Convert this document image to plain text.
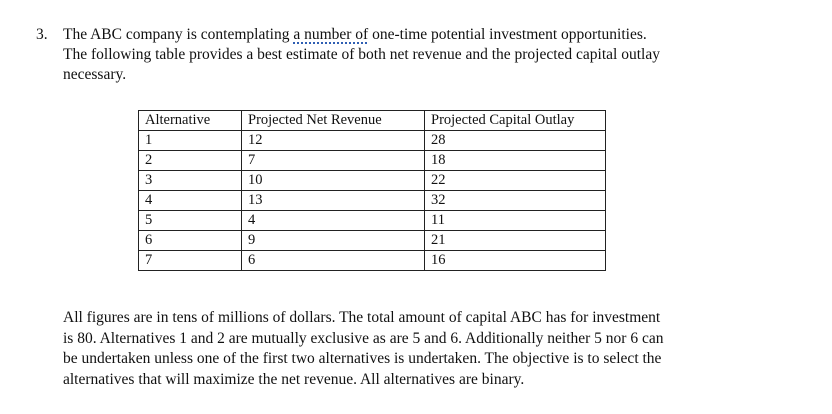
3. The ABC company is contemplating a number of one-time potential investment opportunities.
The following table provides a best estimate of both net revenue and the projected capital outlay
necessary.
Alternative	Projected Net Revenue	Projected Capital Outlay
1	12	28
2	7	18
3	10	22
4	13	32
5	4	11
6	9	21
7	6	16
All figures are in tens of millions of dollars. The total amount of capital ABC has for investment
is 80. Alternatives 1 and 2 are mutually exclusive as are 5 and 6. Additionally neither 5 nor 6 can
be undertaken unless one of the first two alternatives is undertaken. The objective is to select the
alternatives that will maximize the net revenue. All alternatives are binary.
